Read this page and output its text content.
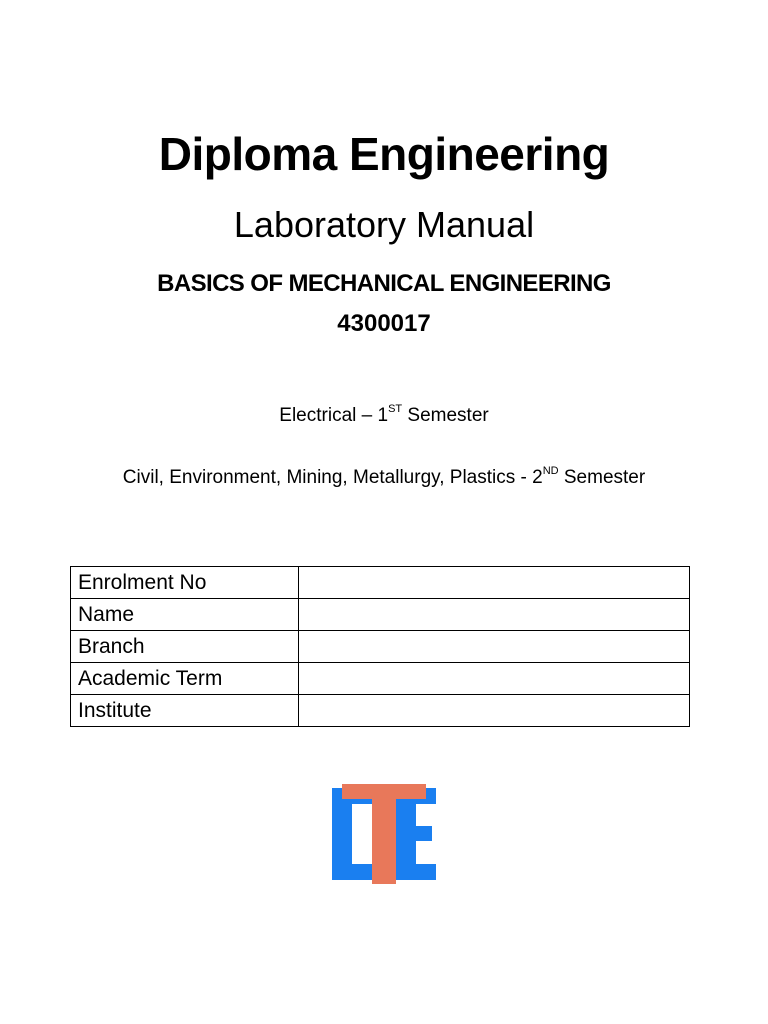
Diploma Engineering
Laboratory Manual
BASICS OF MECHANICAL ENGINEERING
4300017
Electrical – 1ST Semester
Civil, Environment, Mining, Metallurgy, Plastics - 2ND Semester
Enrolment No	
Name	
Branch	
Academic Term	
Institute	
